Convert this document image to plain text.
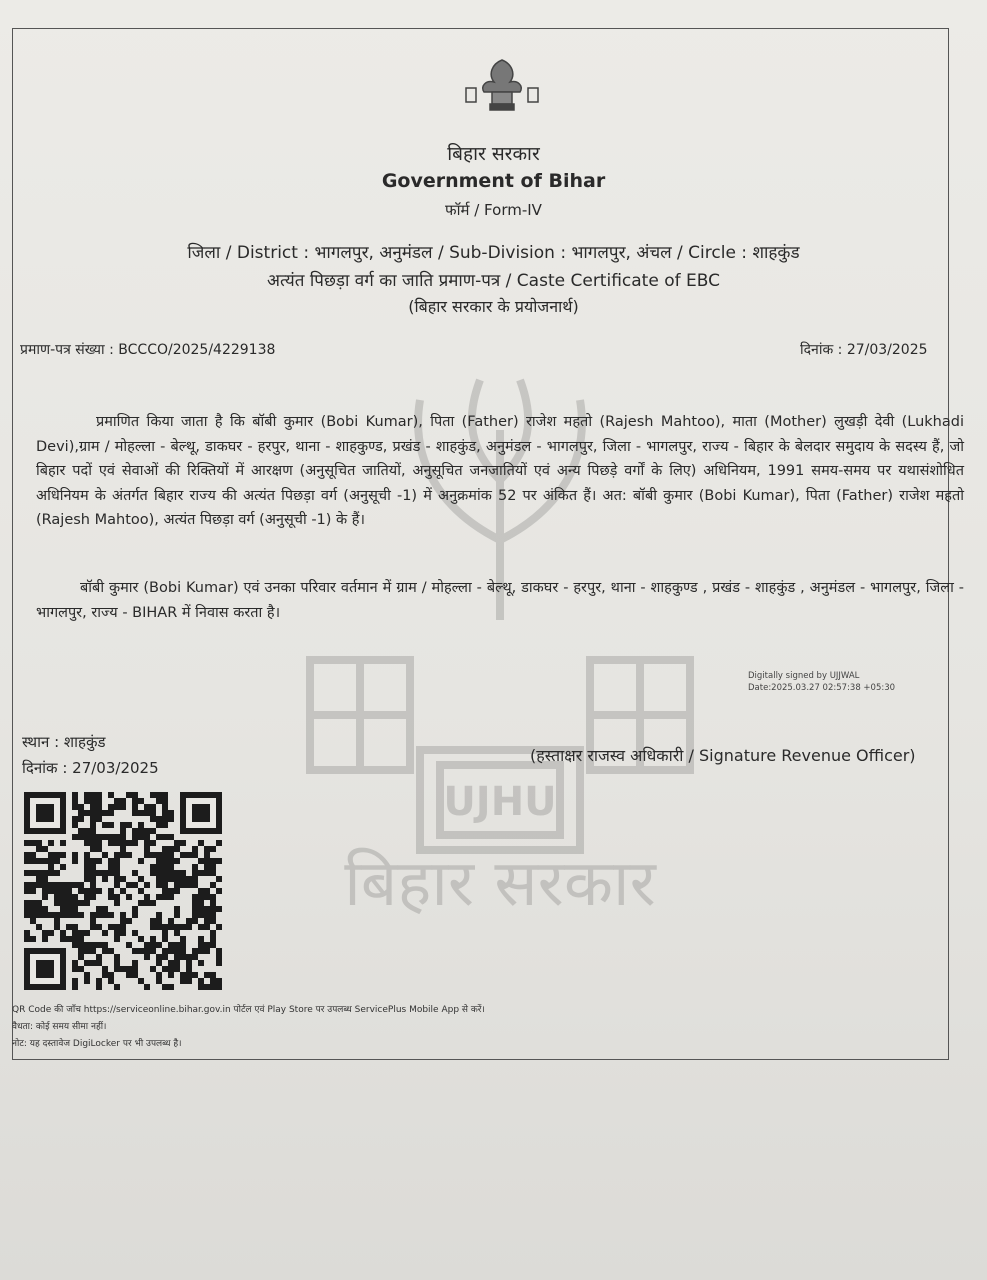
UJHU
बिहार सरकार
बिहार सरकार
Government of Bihar
फॉर्म / Form-IV
जिला / District : भागलपुर, अनुमंडल / Sub-Division : भागलपुर, अंचल / Circle : शाहकुंड
अत्यंत पिछड़ा वर्ग का जाति प्रमाण-पत्र / Caste Certificate of EBC
(बिहार सरकार के प्रयोजनार्थ)
प्रमाण-पत्र संख्या : BCCCO/2025/4229138	दिनांक : 27/03/2025
प्रमाणित किया जाता है कि बॉबी कुमार (Bobi Kumar), पिता (Father) राजेश महतो (Rajesh Mahtoo), माता (Mother) लुखड़ी देवी (Lukhadi Devi),ग्राम / मोहल्ला - बेल्थू, डाकघर - हरपुर, थाना - शाहकुण्ड, प्रखंड - शाहकुंड, अनुमंडल - भागलपुर, जिला - भागलपुर, राज्य - बिहार के बेलदार समुदाय के सदस्य हैं, जो बिहार पदों एवं सेवाओं की रिक्तियों में आरक्षण (अनुसूचित जातियों, अनुसूचित जनजातियों एवं अन्य पिछड़े वर्गों के लिए) अधिनियम, 1991 समय-समय पर यथासंशोधित अधिनियम के अंतर्गत बिहार राज्य की अत्यंत पिछड़ा वर्ग (अनुसूची -1) में अनुक्रमांक 52 पर अंकित हैं। अत: बॉबी कुमार (Bobi Kumar), पिता (Father) राजेश महतो (Rajesh Mahtoo), अत्यंत पिछड़ा वर्ग (अनुसूची -1) के हैं।
बॉबी कुमार (Bobi Kumar) एवं उनका परिवार वर्तमान में ग्राम / मोहल्ला - बेल्थू, डाकघर - हरपुर, थाना - शाहकुण्ड , प्रखंड - शाहकुंड , अनुमंडल - भागलपुर, जिला - भागलपुर, राज्य - BIHAR में निवास करता है।
Digitally signed by UJJWAL
Date:2025.03.27 02:57:38 +05:30
स्थान : शाहकुंड
दिनांक : 27/03/2025
(हस्ताक्षर राजस्व अधिकारी / Signature Revenue Officer)
QR Code की जाँच https://serviceonline.bihar.gov.in पोर्टल एवं Play Store पर उपलब्ध ServicePlus Mobile App से करें।
वैधता: कोई समय सीमा नहीं।
नोट: यह दस्तावेज DigiLocker पर भी उपलब्ध है।
